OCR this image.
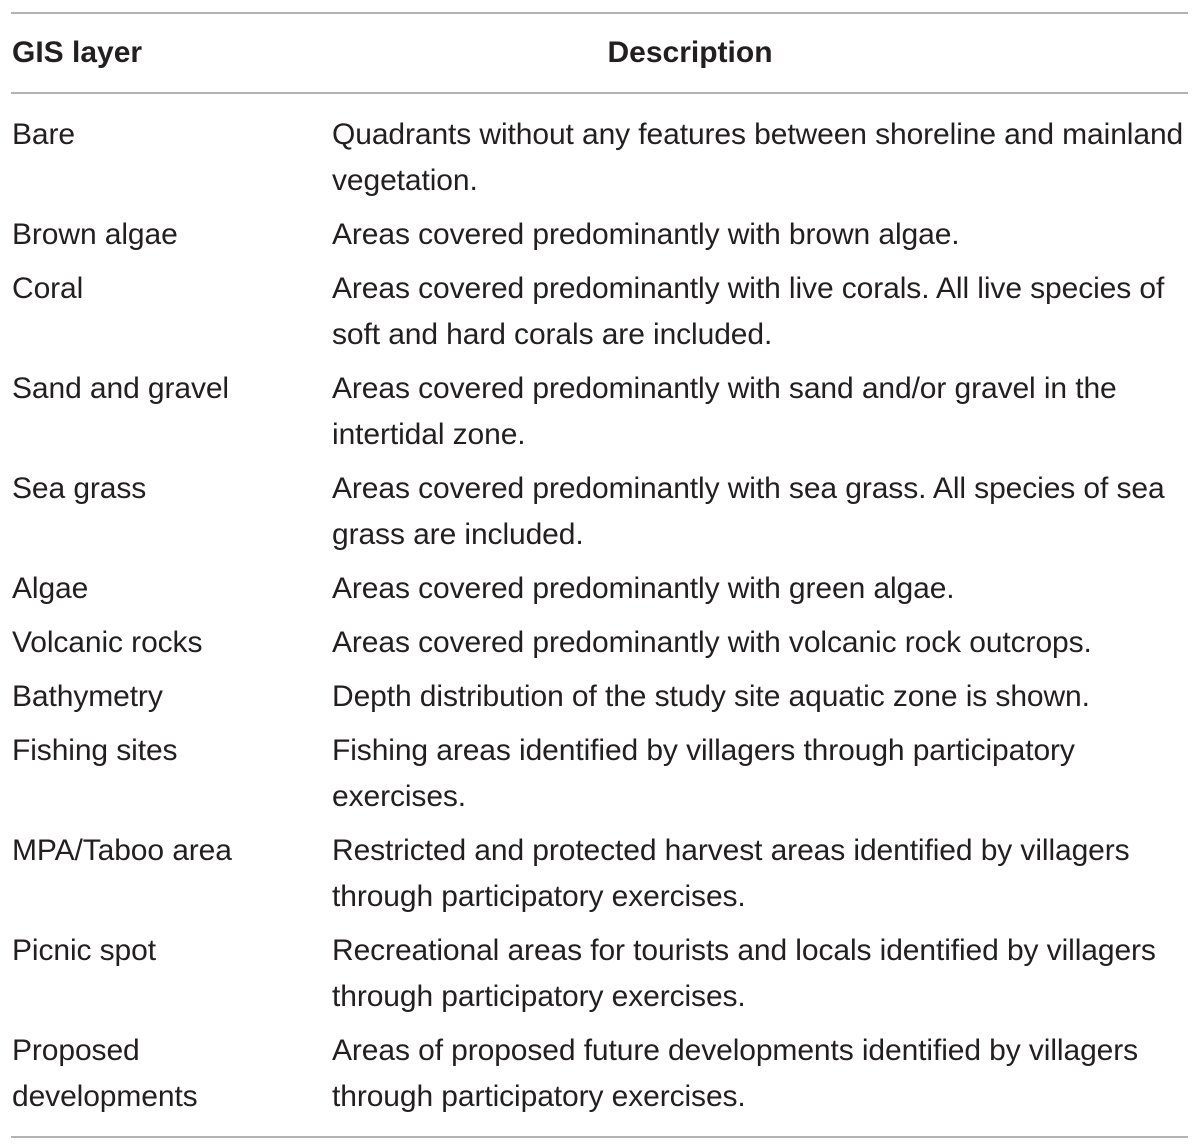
GIS layer	Description
Bare	Quadrants without any features between shoreline and mainland vegetation.
Brown algae	Areas covered predominantly with brown algae.
Coral	Areas covered predominantly with live corals. All live species of soft and hard corals are included.
Sand and gravel	Areas covered predominantly with sand and/or gravel in the intertidal zone.
Sea grass	Areas covered predominantly with sea grass. All species of sea grass are included.
Algae	Areas covered predominantly with green algae.
Volcanic rocks	Areas covered predominantly with volcanic rock outcrops.
Bathymetry	Depth distribution of the study site aquatic zone is shown.
Fishing sites	Fishing areas identified by villagers through participatory exercises.
MPA/Taboo area	Restricted and protected harvest areas identified by villagers through participatory exercises.
Picnic spot	Recreational areas for tourists and locals identified by villagers through participatory exercises.
Proposed developments	Areas of proposed future developments identified by villagers through participatory exercises.
